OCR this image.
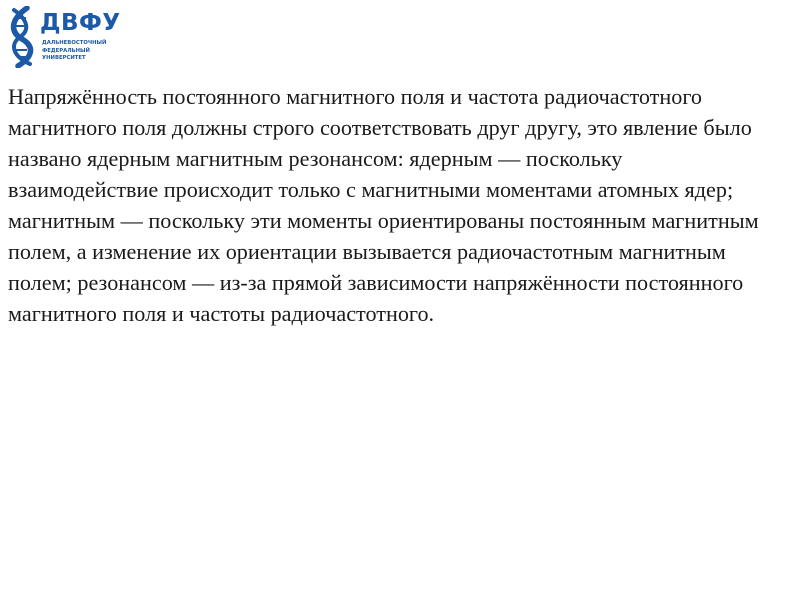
ДВФУ
ДАЛЬНЕВОСТОЧНЫЙ
ФЕДЕРАЛЬНЫЙ
УНИВЕРСИТЕТ

Напряжённость постоянного магнитного поля и частота радиочастотного магнитного поля должны строго соответствовать друг другу, это явление было названо ядерным магнитным резонансом: ядерным — поскольку взаимодействие происходит только с магнитными моментами атомных ядер; магнитным — поскольку эти моменты ориентированы постоянным магнитным полем, а изменение их ориентации вызывается радиочастотным магнитным полем; резонансом — из-за прямой зависимости напряжённости постоянного магнитного поля и частоты радиочастотного.
